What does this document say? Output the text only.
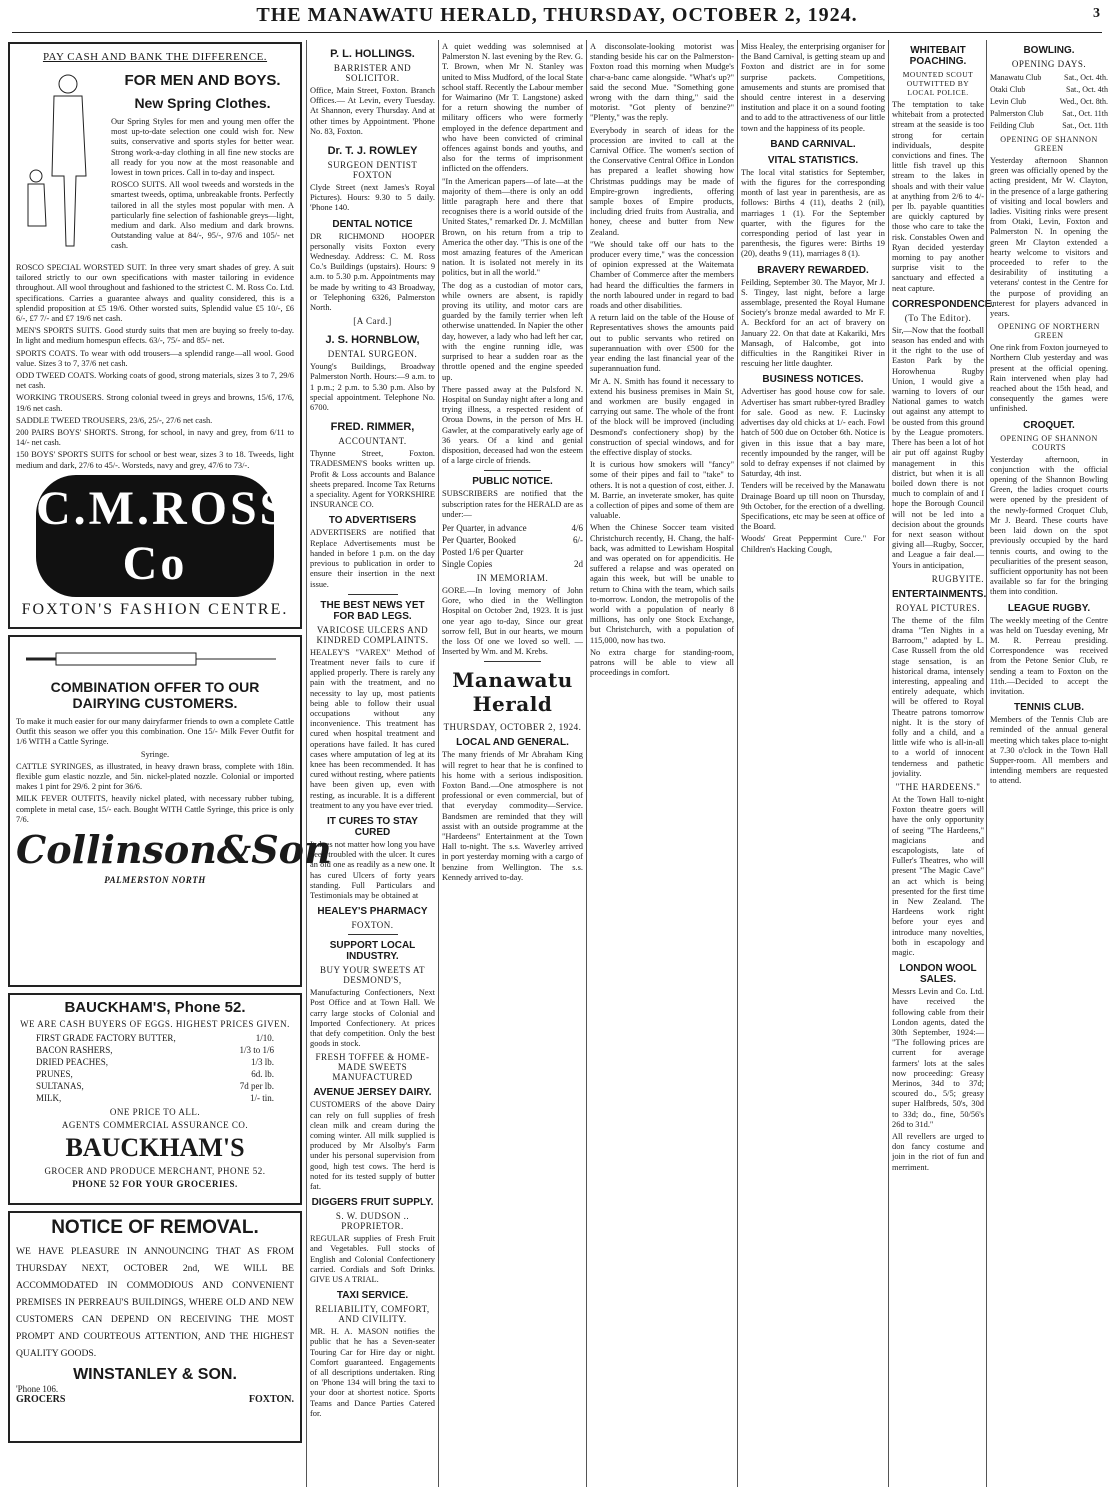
THE MANAWATU HERALD, THURSDAY, OCTOBER 2, 1924.	3
PAY CASH AND BANK THE DIFFERENCE.
FOR MEN AND BOYS.
New Spring Clothes.
Our Spring Styles for men and young men offer the most up-to-date selection one could wish for. New suits, conservative and sports styles for better wear. Strong work-a-day clothing in all fine new stocks are all ready for you now at the most reasonable and lowest in town prices. Call in to-day and inspect.
ROSCO SUITS. All wool tweeds and worsteds in the smartest tweeds, optima, unbreakable fronts. Perfectly tailored in all the styles most popular with men. A particularly fine selection of fashionable greys—light, medium and dark. Also medium and dark browns. Outstanding value at 84/-, 95/-, 97/6 and 105/- net cash.
ROSCO SPECIAL WORSTED SUIT. In three very smart shades of grey. A suit tailored strictly to our own specifications with master tailoring in evidence throughout. All wool throughout and fashioned to the strictest C. M. Ross Co. Ltd. specifications. Carries a guarantee always and quality considered, this is a splendid proposition at £5 19/6. Other worsted suits, Splendid value £5 10/-, £6 6/-, £7 7/- and £7 19/6 net cash.
MEN'S SPORTS SUITS. Good sturdy suits that men are buying so freely to-day. In light and medium homespun effects. 63/-, 75/- and 85/- net.
SPORTS COATS. To wear with odd trousers—a splendid range—all wool. Good value. Sizes 3 to 7, 37/6 net cash.
ODD TWEED COATS. Working coats of good, strong materials, sizes 3 to 7, 29/6 net cash.
WORKING TROUSERS. Strong colonial tweed in greys and browns, 15/6, 17/6, 19/6 net cash.
SADDLE TWEED TROUSERS, 23/6, 25/-, 27/6 net cash.
200 PAIRS BOYS' SHORTS. Strong, for school, in navy and grey, from 6/11 to 14/- net cash.
150 BOYS' SPORTS SUITS for school or best wear, sizes 3 to 18. Tweeds, light medium and dark, 27/6 to 45/-. Worsteds, navy and grey, 47/6 to 73/-.
C.M.ROSS Co
FOXTON'S FASHION CENTRE.
COMBINATION OFFER TO OUR DAIRYING CUSTOMERS.
To make it much easier for our many dairyfarmer friends to own a complete Cattle Outfit this season we offer you this combination. One 15/- Milk Fever Outfit for 1/6 WITH a Cattle Syringe.
Syringe.
CATTLE SYRINGES, as illustrated, in heavy drawn brass, complete with 18in. flexible gum elastic nozzle, and 5in. nickel-plated nozzle. Colonial or imported makes 1 pint for 29/6. 2 pint for 36/6.
MILK FEVER OUTFITS, heavily nickel plated, with necessary rubber tubing, complete in metal case, 15/- each. Bought WITH Cattle Syringe, this price is only 7/6.
Collinson&Son
PALMERSTON NORTH
BAUCKHAM'S, Phone 52.
WE ARE CASH BUYERS OF EGGS. HIGHEST PRICES GIVEN.
FIRST GRADE FACTORY BUTTER,	1/10.
BACON RASHERS,	1/3 to 1/6
DRIED PEACHES,	1/3 lb.
PRUNES,	6d. lb.
SULTANAS,	7d per lb.
MILK,	1/- tin.
ONE PRICE TO ALL.
AGENTS COMMERCIAL ASSURANCE CO.
BAUCKHAM'S
GROCER AND PRODUCE MERCHANT, PHONE 52.
PHONE 52 FOR YOUR GROCERIES.
NOTICE OF REMOVAL.
WE HAVE PLEASURE IN ANNOUNCING THAT AS FROM THURSDAY NEXT, OCTOBER 2nd, WE WILL BE ACCOMMODATED IN COMMODIOUS AND CONVENIENT PREMISES IN PERREAU'S BUILDINGS, WHERE OLD AND NEW CUSTOMERS CAN DEPEND ON RECEIVING THE MOST PROMPT AND COURTEOUS ATTENTION, AND THE HIGHEST QUALITY GOODS.
WINSTANLEY & SON.
'Phone 106.
GROCERS	FOXTON.
P. L. HOLLINGS.
BARRISTER AND SOLICITOR.
Office, Main Street, Foxton. Branch Offices.— At Levin, every Tuesday. At Shannon, every Thursday. And at other times by Appointment. 'Phone No. 83, Foxton.
Dr. T. J. ROWLEY
SURGEON DENTIST FOXTON
Clyde Street (next James's Royal Pictures). Hours: 9.30 to 5 daily. 'Phone 140.
DENTAL NOTICE
DR RICHMOND HOOPER personally visits Foxton every Wednesday. Address: C. M. Ross Co.'s Buildings (upstairs). Hours: 9 a.m. to 5.30 p.m. Appointments may be made by writing to 43 Broadway, or Telephoning 6326, Palmerston North.
[A Card.]
J. S. HORNBLOW,
DENTAL SURGEON.
Young's Buildings, Broadway Palmerston North. Hours:—9 a.m. to 1 p.m.; 2 p.m. to 5.30 p.m. Also by special appointment. Telephone No. 6700.
FRED. RIMMER,
ACCOUNTANT.
Thynne Street, Foxton. TRADESMEN'S books written up. Profit & Loss accounts and Balance sheets prepared. Income Tax Returns a speciality. Agent for YORKSHIRE INSURANCE CO.
TO ADVERTISERS
ADVERTISERS are notified that Replace Advertisements must be handed in before 1 p.m. on the day previous to publication in order to ensure their insertion in the next issue.
THE BEST NEWS YET FOR BAD LEGS.
VARICOSE ULCERS AND KINDRED COMPLAINTS.
HEALEY'S "VAREX" Method of Treatment never fails to cure if applied properly. There is rarely any pain with the treatment, and no necessity to lay up, most patients being able to follow their usual occupations without any inconvenience. This treatment has cured when hospital treatment and operations have failed. It has cured cases where amputation of leg at its knee has been recommended. It has cured without resting, where patients have been given up, even with resting, as incurable. It is a different treatment to any you have ever tried.
IT CURES TO STAY CURED
It does not matter how long you have been troubled with the ulcer. It cures an old one as readily as a new one. It has cured Ulcers of forty years standing. Full Particulars and Testimonials may be obtained at
HEALEY'S PHARMACY
FOXTON.
SUPPORT LOCAL INDUSTRY.
BUY YOUR SWEETS AT DESMOND'S,
Manufacturing Confectioners, Next Post Office and at Town Hall. We carry large stocks of Colonial and Imported Confectionery. At prices that defy competition. Only the best goods in stock.
FRESH TOFFEE & HOME-MADE SWEETS MANUFACTURED
AVENUE JERSEY DAIRY.
CUSTOMERS of the above Dairy can rely on full supplies of fresh clean milk and cream during the coming winter. All milk supplied is produced by Mr Alsolby's Farm under his personal supervision from good, high test cows. The herd is noted for its tested supply of butter fat.
DIGGERS FRUIT SUPPLY.
S. W. DUDSON .. PROPRIETOR.
REGULAR supplies of Fresh Fruit and Vegetables. Full stocks of English and Colonial Confectionery carried. Cordials and Soft Drinks. GIVE US A TRIAL.
TAXI SERVICE.
RELIABILITY, COMFORT, AND CIVILITY.
MR. H. A. MASON notifies the public that he has a Seven-seater Touring Car for Hire day or night. Comfort guaranteed. Engagements of all descriptions undertaken. Ring on 'Phone 134 will bring the taxi to your door at shortest notice. Sports Teams and Dance Parties Catered for.
A quiet wedding was solemnised at Palmerston N. last evening by the Rev. G. T. Brown, when Mr N. Stanley was united to Miss Mudford, of the local State school staff. Recently the Labour member for Waimarino (Mr T. Langstone) asked for a return showing the number of military officers who were formerly employed in the defence department and who have been convicted of criminal offences against bonds and youths, and also for the terms of imprisonment inflicted on the offenders.
"In the American papers—of late—at the majority of them—there is only an odd little paragraph here and there that recognises there is a world outside of the United States," remarked Dr. J. McMillan Brown, on his return from a trip to America the other day. "This is one of the most amazing features of the American nation. It is isolated not merely in its politics, but in all the world."
The dog as a custodian of motor cars, while owners are absent, is rapidly proving its utility, and motor cars are guarded by the family terrier when left otherwise unattended. In Napier the other day, however, a lady who had left her car, with the engine running idle, was surprised to hear a sudden roar as the throttle opened and the engine speeded up.
There passed away at the Pulsford N. Hospital on Sunday night after a long and trying illness, a respected resident of Oroua Downs, in the person of Mrs H. Gawler, at the comparatively early age of 36 years. Of a kind and genial disposition, deceased had won the esteem of a large circle of friends.
PUBLIC NOTICE.
SUBSCRIBERS are notified that the subscription rates for the HERALD are as under:—
Per Quarter, in advance	4/6
Per Quarter, Booked	6/-
Posted 1/6 per Quarter
Single Copies	2d
IN MEMORIAM.
GORE.—In loving memory of John Gore, who died in the Wellington Hospital on October 2nd, 1923. It is just one year ago to-day, Since our great sorrow fell, But in our hearts, we mourn the loss Of one we loved so well. —Inserted by Wm. and M. Krebs.
Manawatu Herald
THURSDAY, OCTOBER 2, 1924.
LOCAL AND GENERAL.
The many friends of Mr Abraham King will regret to hear that he is confined to his home with a serious indisposition. Foxton Band.—One atmosphere is not professional or even commercial, but of that everyday commodity—Service. Bandsmen are reminded that they will assist with an outside programme at the "Hardeens" Entertainment at the Town Hall to-night. The s.s. Waverley arrived in port yesterday morning with a cargo of benzine from Wellington. The s.s. Kennedy arrived to-day.
A disconsolate-looking motorist was standing beside his car on the Palmerston-Foxton road this morning when Mudge's char-a-banc came alongside. "What's up?" said the second Mue. "Something gone wrong with the darn thing," said the motorist. "Got plenty of benzine?" "Plenty," was the reply.
Everybody in search of ideas for the procession are invited to call at the Carnival Office. The women's section of the Conservative Central Office in London has prepared a leaflet showing how Christmas puddings may be made of Empire-grown ingredients, offering sample boxes of Empire products, including dried fruits from Australia, and honey, cheese and butter from New Zealand.
"We should take off our hats to the producer every time," was the concession of opinion expressed at the Waitemata Chamber of Commerce after the members had heard the difficulties the farmers in the north laboured under in regard to bad roads and other disabilities.
A return laid on the table of the House of Representatives shows the amounts paid out to public servants who retired on superannuation with over £500 for the year ending the last financial year of the superannuation fund.
Mr A. N. Smith has found it necessary to extend his business premises in Main St, and workmen are busily engaged in carrying out same. The whole of the front of the block will be improved (including Desmond's confectionery shop) by the construction of special windows, and for the effective display of stocks.
It is curious how smokers will "fancy" some of their pipes and fail to "take" to others. It is not a question of cost, either. J. M. Barrie, an inveterate smoker, has quite a collection of pipes and some of them are valuable.
When the Chinese Soccer team visited Christchurch recently, H. Chang, the half-back, was admitted to Lewisham Hospital and was operated on for appendicitis. He suffered a relapse and was operated on again this week, but will be unable to return to China with the team, which sails to-morrow. London, the metropolis of the world with a population of nearly 8 millions, has only one Stock Exchange, but Christchurch, with a population of 115,000, now has two.
No extra charge for standing-room, patrons will be able to view all proceedings in comfort.
Miss Healey, the enterprising organiser for the Band Carnival, is getting steam up and Foxton and district are in for some surprise packets. Competitions, amusements and stunts are promised that should centre interest in a deserving institution and place it on a sound footing and to add to the attractiveness of our little town and the happiness of its people.
BAND CARNIVAL.
VITAL STATISTICS.
The local vital statistics for September, with the figures for the corresponding month of last year in parenthesis, are as follows: Births 4 (11), deaths 2 (nil), marriages 1 (1). For the September quarter, with the figures for the corresponding period of last year in parenthesis, the figures were: Births 19 (20), deaths 9 (11), marriages 8 (1).
BRAVERY REWARDED.
Feilding, September 30. The Mayor, Mr J. S. Tingey, last night, before a large assemblage, presented the Royal Humane Society's bronze medal awarded to Mr F. A. Beckford for an act of bravery on January 22. On that date at Kakariki, Mrs Mansagh, of Halcombe, got into difficulties in the Rangitikei River in rescuing her little daughter.
BUSINESS NOTICES.
Advertiser has good house cow for sale. Advertiser has smart rubber-tyred Bradley for sale. Good as new. F. Lucinsky advertises day old chicks at 1/- each. Fowl hatch of 500 due on October 6th. Notice is given in this issue that a bay mare, recently impounded by the ranger, will be sold to defray expenses if not claimed by Saturday, 4th inst.
Tenders will be received by the Manawatu Drainage Board up till noon on Thursday, 9th October, for the erection of a dwelling. Specifications, etc may be seen at office of the Board.
Woods' Great Peppermint Cure." For Children's Hacking Cough,
WHITEBAIT POACHING.
MOUNTED SCOUT OUTWITTED BY LOCAL POLICE.
The temptation to take whitebait from a protected stream at the seaside is too strong for certain individuals, despite convictions and fines. The little fish travel up this stream to the lakes in shoals and with their value at anything from 2/6 to 4/- per lb. payable quantities are quickly captured by those who care to take the risk. Constables Owen and Ryan decided yesterday morning to pay another surprise visit to the sanctuary and effected a neat capture.
CORRESPONDENCE.
(To The Editor).
Sir,—Now that the football season has ended and with it the right to the use of Easton Park by the Horowhenua Rugby Union, I would give a warning to lovers of our National games to watch out against any attempt to be ousted from this ground by the League promoters. There has been a lot of hot air put off against Rugby management in this district, but when it is all boiled down there is not much to complain of and I hope the Borough Council will not be led into a decision about the grounds for next season without giving all—Rugby, Soccer, and League a fair deal.—Yours in anticipation,
RUGBYITE.
ENTERTAINMENTS.
ROYAL PICTURES.
The theme of the film drama "Ten Nights in a Barroom," adapted by L. Case Russell from the old stage sensation, is an historical drama, intensely interesting, appealing and entirely adequate, which will be offered to Royal Theatre patrons tomorrow night. It is the story of folly and a child, and a little wife who is all-in-all to a world of innocent tenderness and pathetic joviality.
"THE HARDEENS."
At the Town Hall to-night Foxton theatre goers will have the only opportunity of seeing "The Hardeens," magicians and escapologists, late of Fuller's Theatres, who will present "The Magic Cave" an act which is being presented for the first time in New Zealand. The Hardeens work right before your eyes and introduce many novelties, both in escapology and magic.
LONDON WOOL SALES.
Messrs Levin and Co. Ltd. have received the following cable from their London agents, dated the 30th September, 1924:— "The following prices are current for average farmers' lots at the sales now proceeding: Greasy Merinos, 34d to 37d; scoured do., 5/5; greasy super Halfbreds, 50's, 30d to 33d; do., fine, 50/56's 26d to 31d."
All revellers are urged to don fancy costume and join in the riot of fun and merriment.
BOWLING.
OPENING DAYS.
Manawatu Club	Sat., Oct. 4th.
Otaki Club	Sat., Oct. 4th
Levin Club	Wed., Oct. 8th.
Palmerston Club Sat., Oct. 11th
Feilding Club	Sat., Oct. 11th
OPENING OF SHANNON GREEN
Yesterday afternoon Shannon green was officially opened by the acting president, Mr W. Clayton, in the presence of a large gathering of visiting and local bowlers and ladies. Visiting rinks were present from Otaki, Levin, Foxton and Palmerston N. In opening the green Mr Clayton extended a hearty welcome to visitors and proceeded to refer to the desirability of instituting a veterans' contest in the Centre for the purpose of providing an interest for players advanced in years.
OPENING OF NORTHERN GREEN
One rink from Foxton journeyed to Northern Club yesterday and was present at the official opening. Rain intervened when play had reached about the 15th head, and consequently the games were unfinished.
CROQUET.
OPENING OF SHANNON COURTS
Yesterday afternoon, in conjunction with the official opening of the Shannon Bowling Green, the ladies croquet courts were opened by the president of the newly-formed Croquet Club, Mr J. Beard. These courts have been laid down on the spot previously occupied by the hard tennis courts, and owing to the peculiarities of the present season, sufficient opportunity has not been available so far for the bringing them into condition.
LEAGUE RUGBY.
The weekly meeting of the Centre was held on Tuesday evening, Mr M. R. Perreau presiding. Correspondence was received from the Petone Senior Club, re sending a team to Foxton on the 11th.—Decided to accept the invitation.
TENNIS CLUB.
Members of the Tennis Club are reminded of the annual general meeting which takes place to-night at 7.30 o'clock in the Town Hall Supper-room. All members and intending members are requested to attend.
